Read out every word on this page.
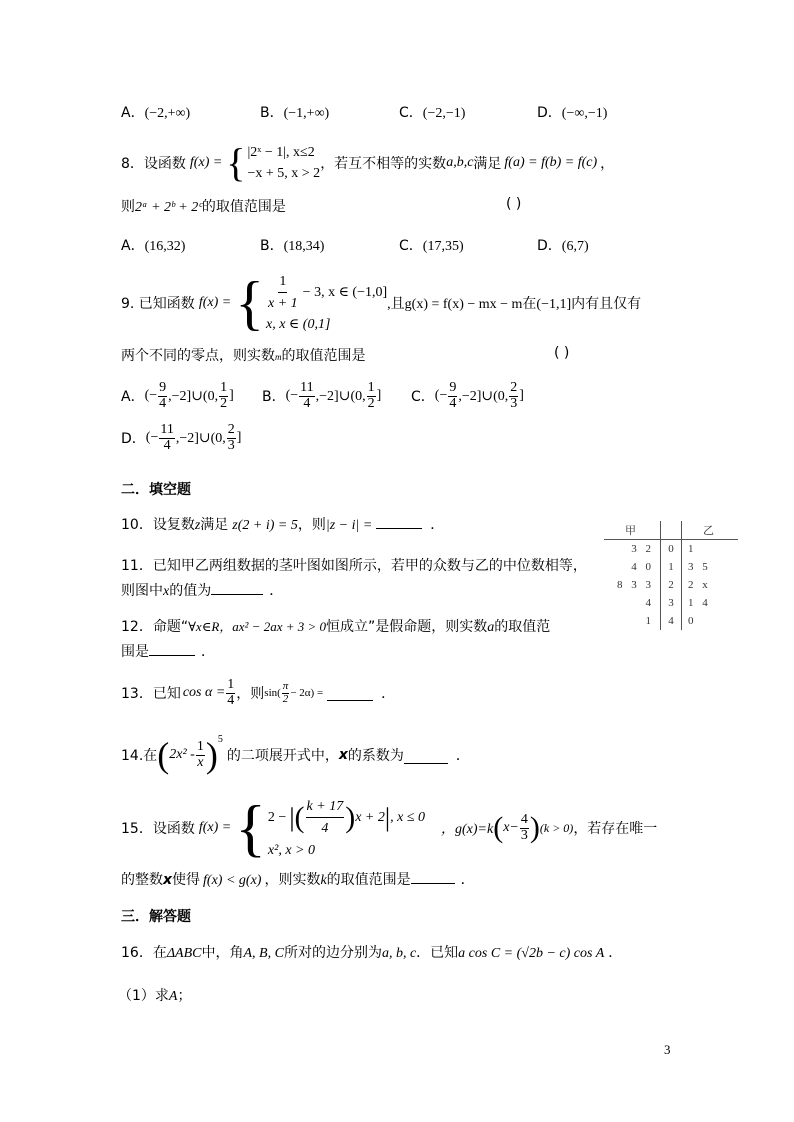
A．(−2,+∞)	B．(−1,+∞)	C．(−2,−1)	D．(−∞,−1)
8．设函数 f(x) = { |2ˣ − 1|, x≤2
−x + 5, x > 2
，若互不相等的实数 a,b,c 满足 f(a) = f(b) = f(c) ，
则2ᵃ + 2ᵇ + 2ᶜ的取值范围是	( )
A．(16,32)	B．(18,34)	C．(17,35)	D．(6,7)
9. 已知函数 f(x) = { $\frac{1}{x + 1} - 3$, x ∈ (−1,0]
x, x ∈ (0,1]
,且g(x) = f(x) − mx − m在(−1,1] 内有且仅有
两个不同的零点，则实数m的取值范围是	( )
A． (− $\frac{9}{4}$ ,−2]∪(0, $\frac{1}{2}$ ] B． (− $\frac{11}{4}$ ,−2]∪(0, $\frac{1}{2}$ ] C． (− $\frac{9}{4}$ ,−2]∪(0, $\frac{2}{3}$ ]
D． (− $\frac{11}{4}$ ,−2]∪(0, $\frac{2}{3}$ ]
二．填空题
10．设复数z满足 z(2 + i) = 5，则|z − i| =	．	甲		乙
3 2	0	1
4 0	1	3 5
8 3 3	2	2 x
4	3	1 4
1	4	0
11．已知甲乙两组数据的茎叶图如图所示，若甲的众数与乙的中位数相等，
则图中x的值为	．
12．命题“∀x∈R，ax² − 2ax + 3 > 0恒成立”是假命题，则实数a的取值范
围是	．
13．已知 $\cos \alpha = \frac{1}{4}$ ，则 $\sin( \frac{\pi}{2} - 2\alpha)$ =	．
14.在 ( $2x^2 - \frac{1}{x}$ ) 5
的二项展开式中， x 的系数为	．
15．设函数 f(x) = { 2 − | ( $\frac{k + 17}{4}$ ) x + 2 | , x ≤ 0
x², x > 0
，g(x)=k ( $x- \frac{4}{3}$ ) (k > 0) ，若存在唯一
的整数x使得 f(x) < g(x) ，则实数k的取值范围是	．
三．解答题
16．在ΔABC中，角A, B, C所对的边分别为a, b, c．已知a cos C = (√2b − c) cos A ．
（1）求A；
3
